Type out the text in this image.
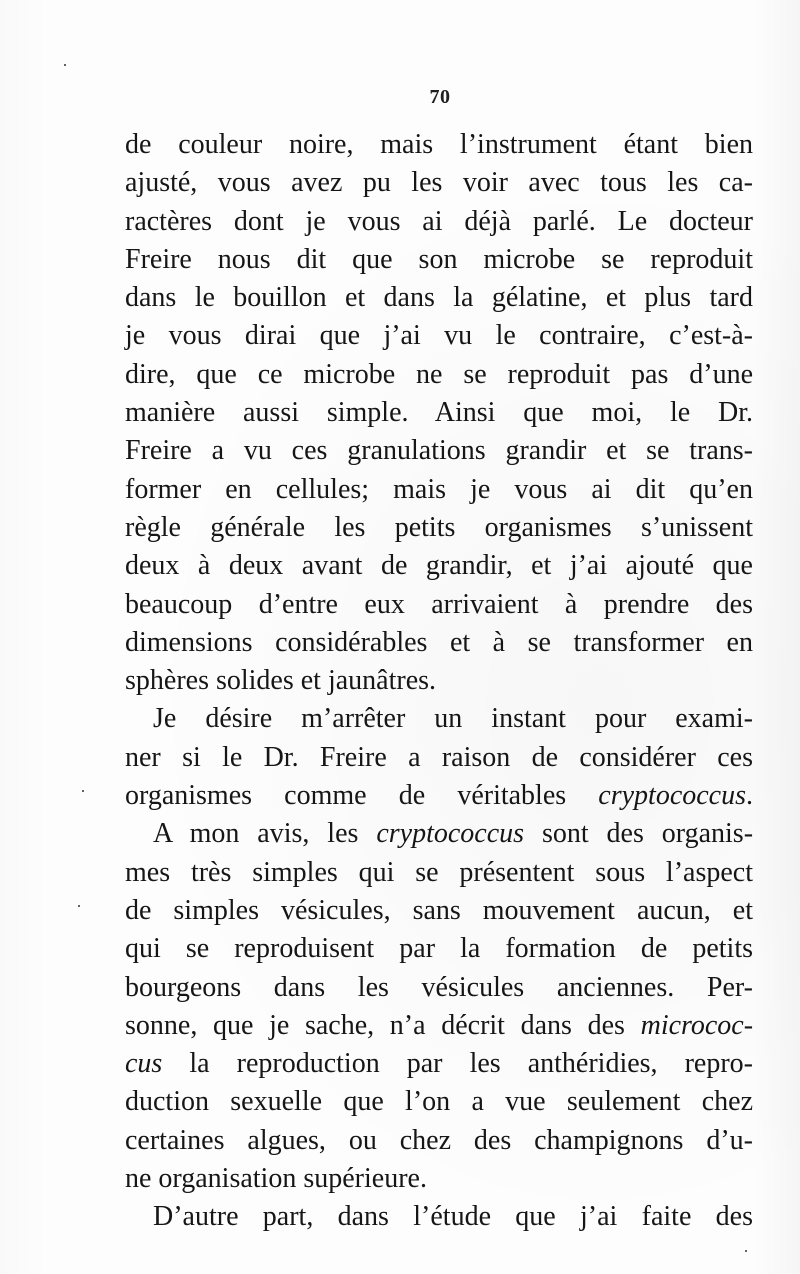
70
de couleur noire, mais l’instrument étant bien
ajusté, vous avez pu les voir avec tous les ca-
ractères dont je vous ai déjà parlé. Le docteur
Freire nous dit que son microbe se reproduit
dans le bouillon et dans la gélatine, et plus tard
je vous dirai que j’ai vu le contraire, c’est-à-
dire, que ce microbe ne se reproduit pas d’une
manière aussi simple. Ainsi que moi, le Dr.
Freire a vu ces granulations grandir et se trans-
former en cellules; mais je vous ai dit qu’en
règle générale les petits organismes s’unissent
deux à deux avant de grandir, et j’ai ajouté que
beaucoup d’entre eux arrivaient à prendre des
dimensions considérables et à se transformer en
sphères solides et jaunâtres.
Je désire m’arrêter un instant pour exami-
ner si le Dr. Freire a raison de considérer ces
organismes comme de véritables cryptococcus.
A mon avis, les cryptococcus sont des organis-
mes très simples qui se présentent sous l’aspect
de simples vésicules, sans mouvement aucun, et
qui se reproduisent par la formation de petits
bourgeons dans les vésicules anciennes. Per-
sonne, que je sache, n’a décrit dans des micrococ-
cus la reproduction par les anthéridies, repro-
duction sexuelle que l’on a vue seulement chez
certaines algues, ou chez des champignons d’u-
ne organisation supérieure.
D’autre part, dans l’étude que j’ai faite des
